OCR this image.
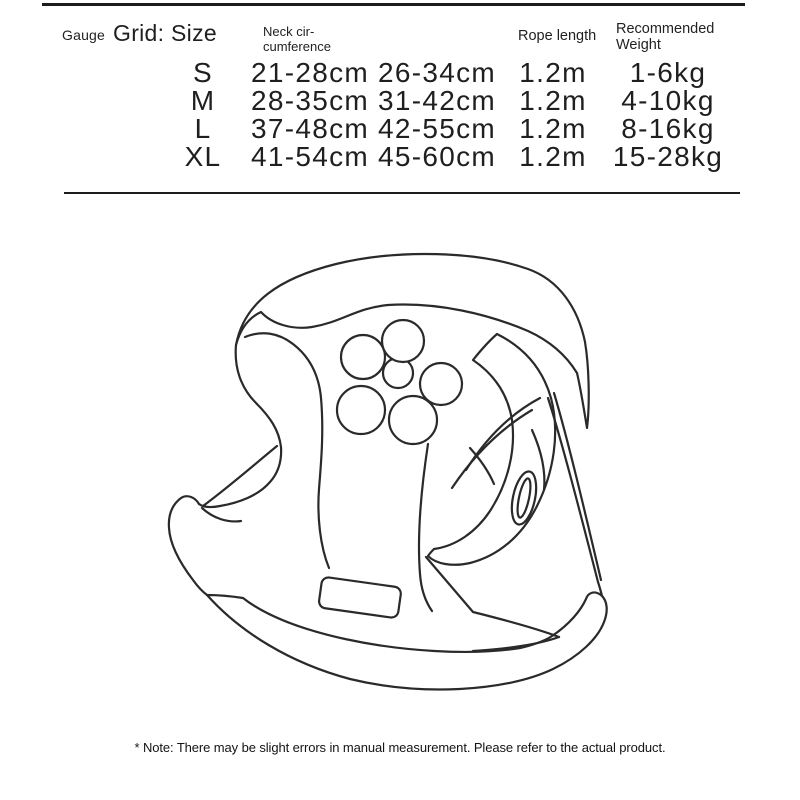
Gauge Grid: Size	Neck cir-
cumference
Rope length Recommended
Weight
S	21-28cm 26-34cm 1.2m	1-6kg
M	28-35cm 31-42cm 1.2m	4-10kg
L	37-48cm 42-55cm 1.2m	8-16kg
XL	41-54cm 45-60cm 1.2m 15-28kg
* Note: There may be slight errors in manual measurement. Please refer to the actual product.
